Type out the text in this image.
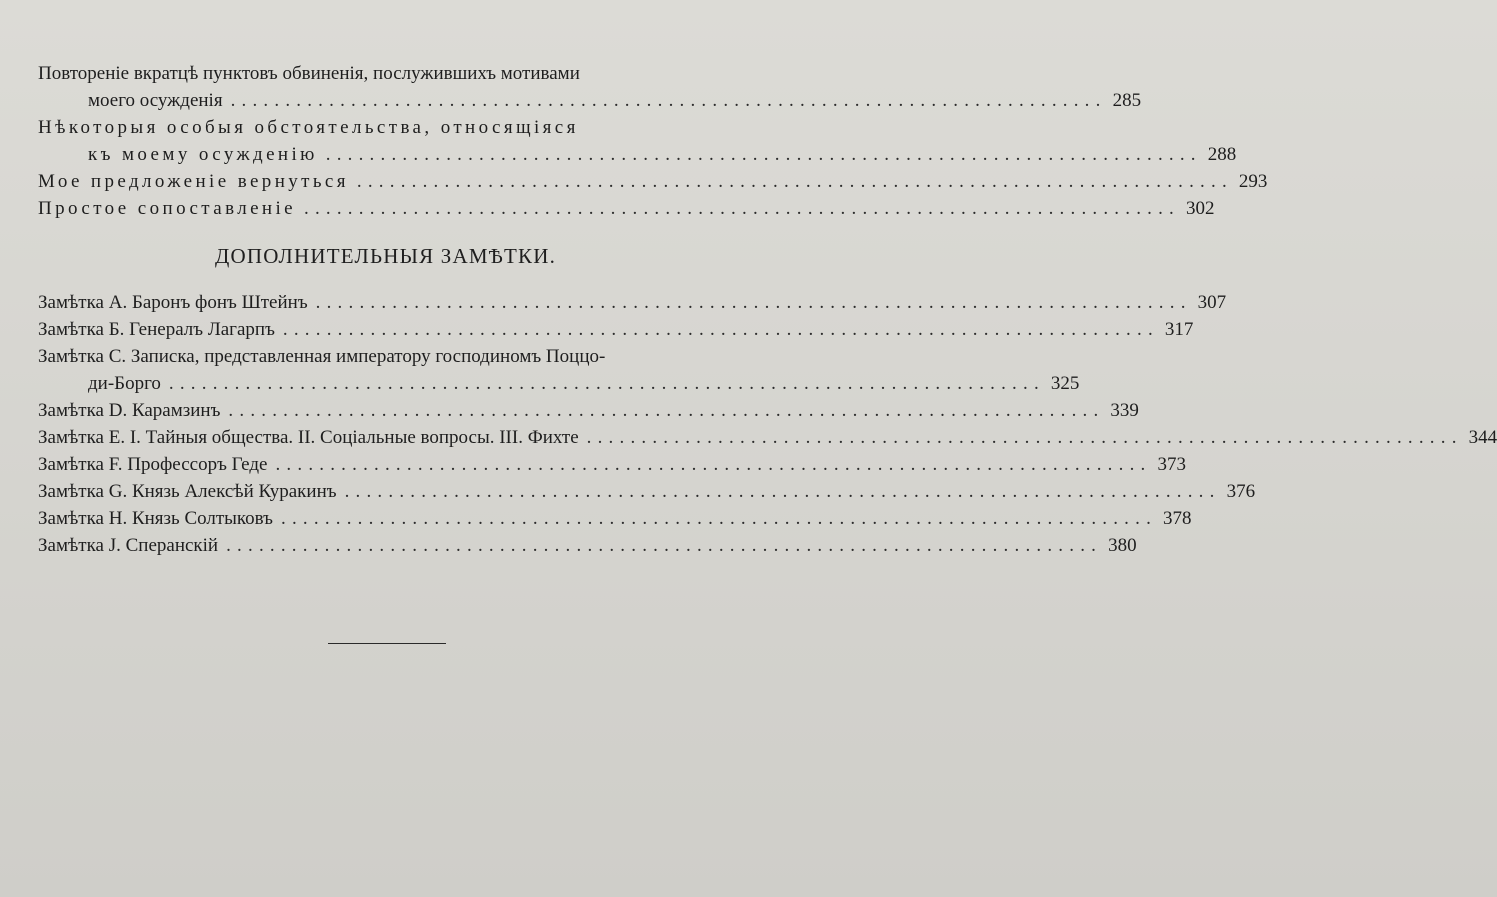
Повтореніе вкратцѣ пунктовъ обвиненія, послужившихъ мотивами
моего осужденія ................................................................................ 285
Нѣкоторыя особыя обстоятельства, относящіяся
къ моему осужденію ................................................................................ 288
Мое предложеніе вернуться ................................................................................ 293
Простое сопоставленіе ................................................................................ 302
ДОПОЛНИТЕЛЬНЫЯ ЗАМѢТКИ.
Замѣтка А. Баронъ фонъ Штейнъ ................................................................................ 307
Замѣтка Б. Генералъ Лагарпъ ................................................................................ 317
Замѣтка С. Записка, представленная императору господиномъ Поццо-
ди-Борго ................................................................................ 325
Замѣтка D. Карамзинъ ................................................................................ 339
Замѣтка Е. I. Тайныя общества. II. Соціальные вопросы. III. Фихте ................................................................................ 344
Замѣтка F. Профессоръ Геде ................................................................................ 373
Замѣтка G. Князь Алексѣй Куракинъ ................................................................................ 376
Замѣтка Н. Князь Солтыковъ ................................................................................ 378
Замѣтка J. Сперанскій ................................................................................ 380
